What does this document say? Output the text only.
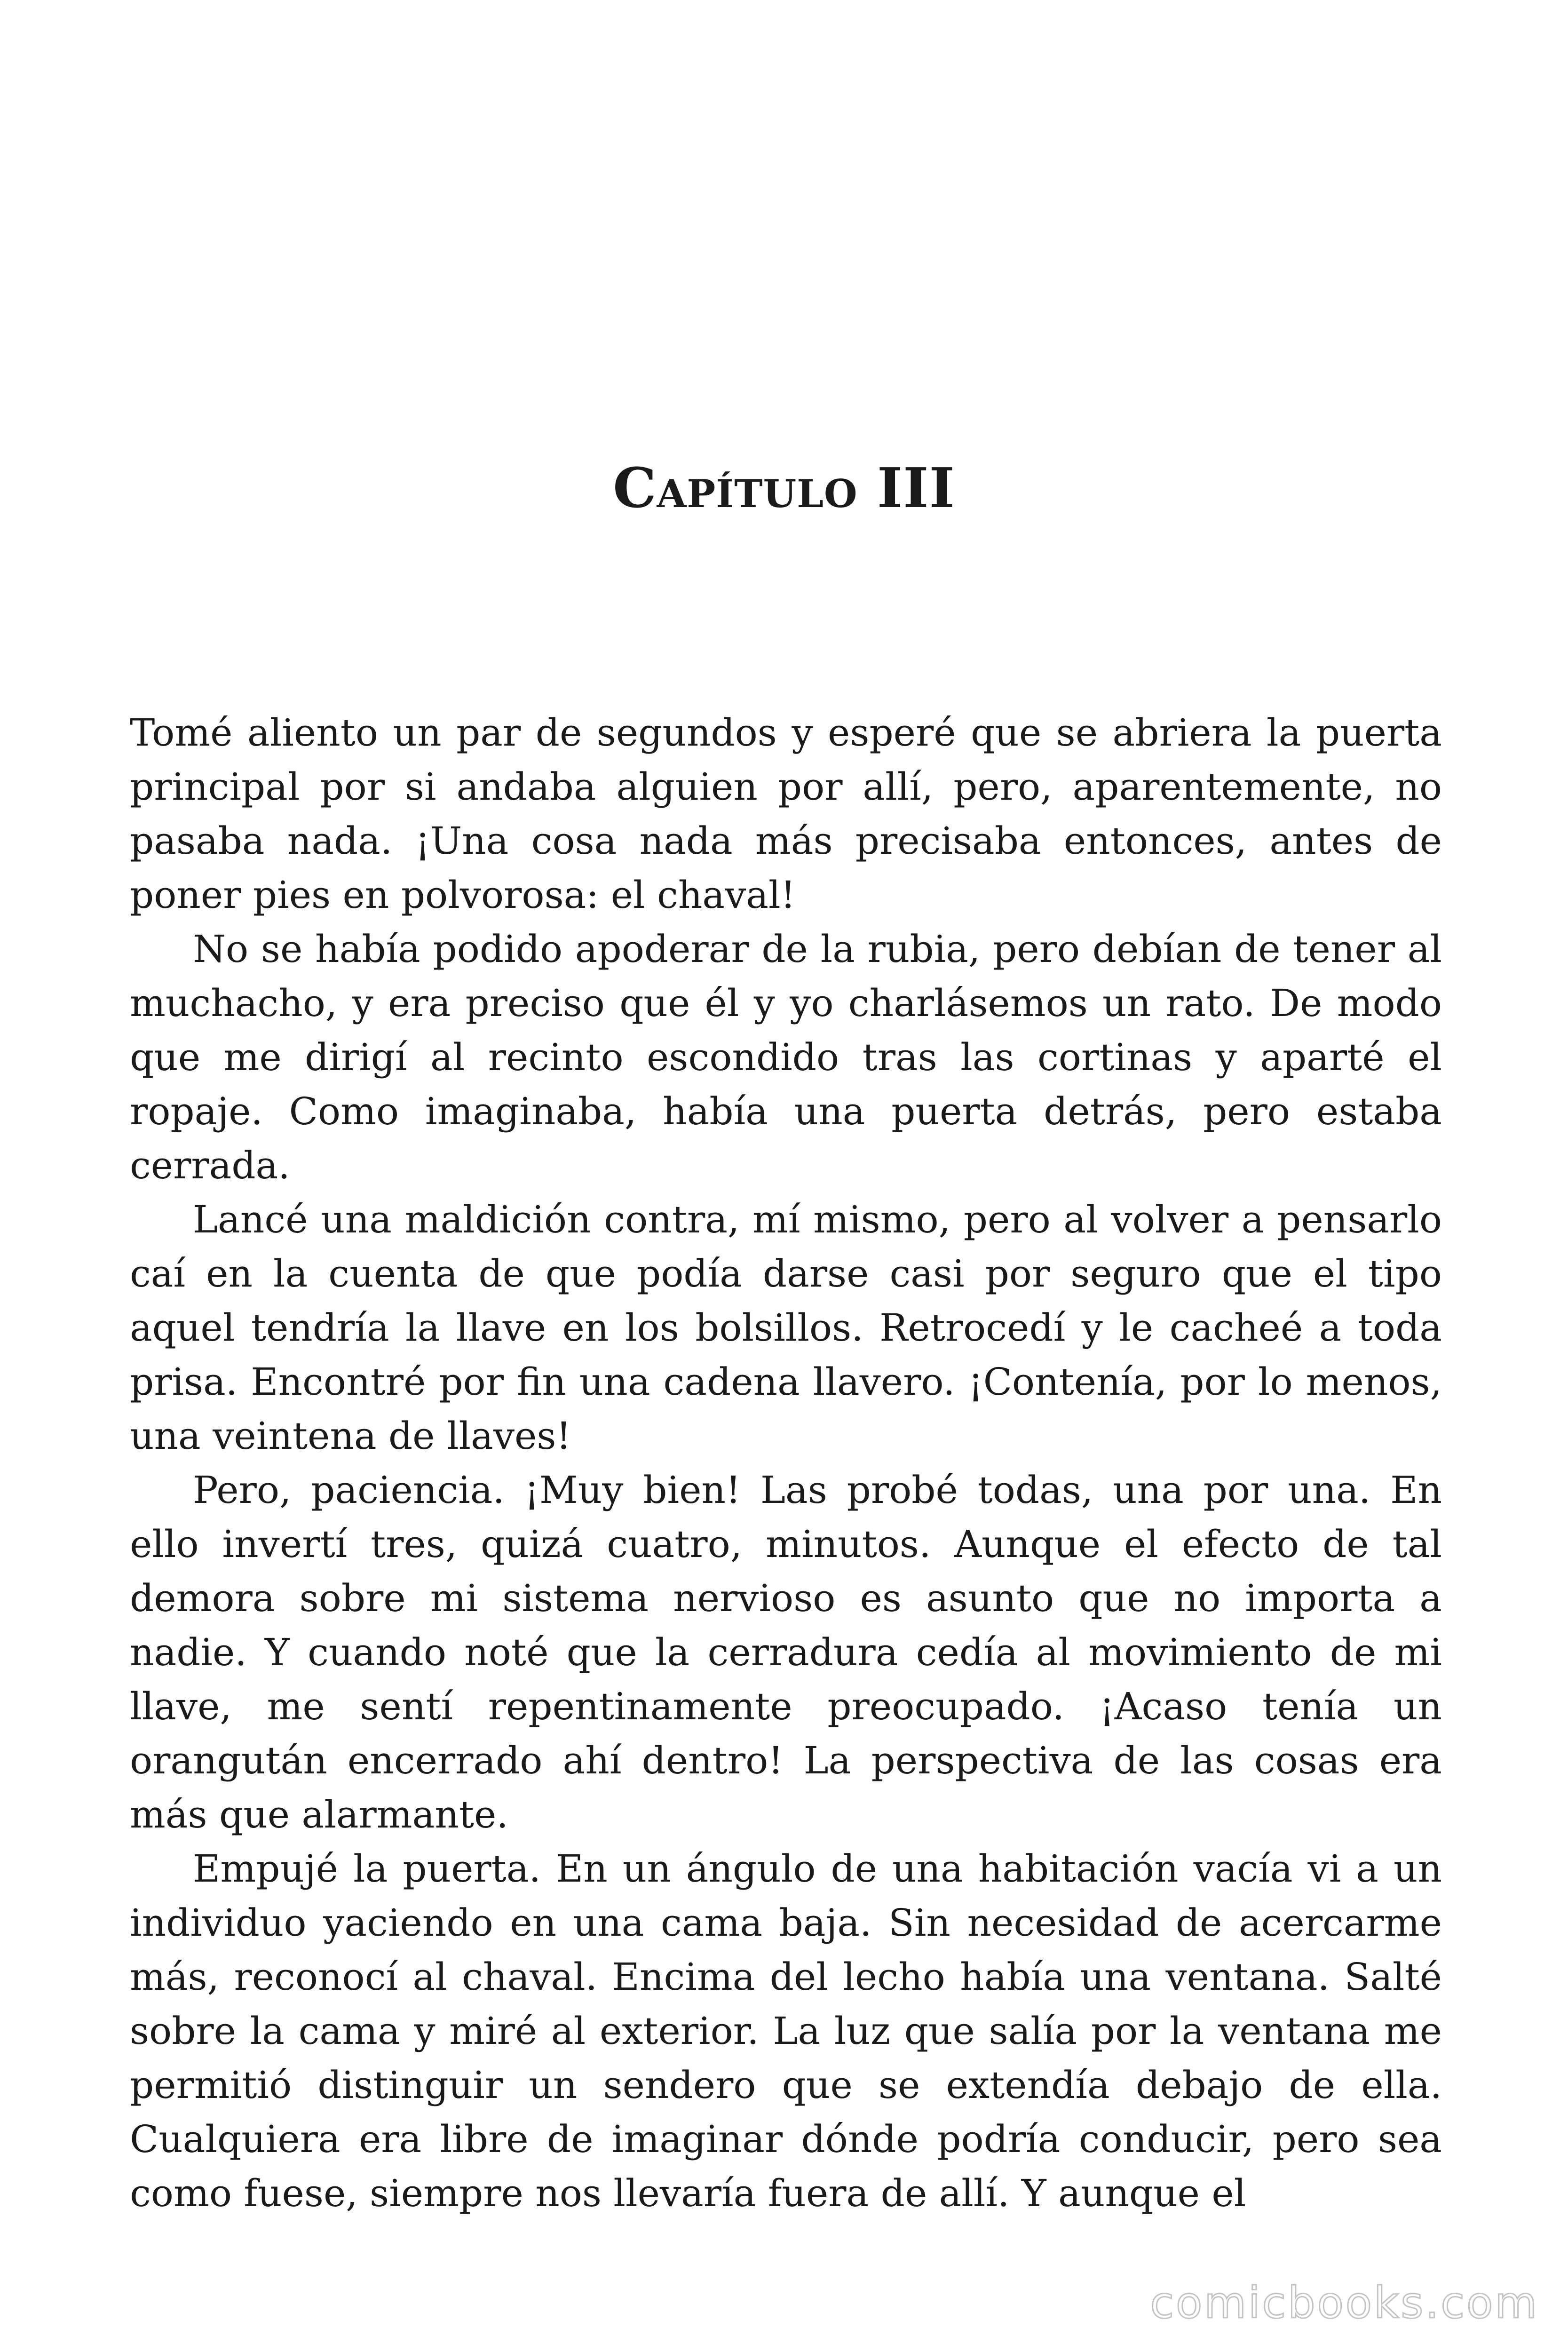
Capítulo III

Tomé aliento un par de segundos y esperé que se abriera la puerta principal por si andaba alguien por allí, pero, aparentemente, no pasaba nada. ¡Una cosa nada más precisaba entonces, antes de poner pies en polvorosa: el chaval!

No se había podido apoderar de la rubia, pero debían de tener al muchacho, y era preciso que él y yo charlásemos un rato. De modo que me dirigí al recinto escondido tras las cortinas y aparté el ropaje. Como imaginaba, había una puerta detrás, pero estaba cerrada.

Lancé una maldición contra, mí mismo, pero al volver a pensarlo caí en la cuenta de que podía darse casi por seguro que el tipo aquel tendría la llave en los bolsillos. Retrocedí y le cacheé a toda prisa. Encontré por fin una cadena llavero. ¡Contenía, por lo menos, una veintena de llaves!

Pero, paciencia. ¡Muy bien! Las probé todas, una por una. En ello invertí tres, quizá cuatro, minutos. Aunque el efecto de tal demora sobre mi sistema nervioso es asunto que no importa a nadie. Y cuando noté que la cerradura cedía al movimiento de mi llave, me sentí repentinamente preocupado. ¡Acaso tenía un orangután encerrado ahí dentro! La perspectiva de las cosas era más que alarmante.

Empujé la puerta. En un ángulo de una habitación vacía vi a un individuo yaciendo en una cama baja. Sin necesidad de acercarme más, reconocí al chaval. Encima del lecho había una ventana. Salté sobre la cama y miré al exterior. La luz que salía por la ventana me permitió distinguir un sendero que se extendía debajo de ella. Cualquiera era libre de imaginar dónde podría conducir, pero sea como fuese, siempre nos llevaría fuera de allí. Y aunque el

comicbooks.com
